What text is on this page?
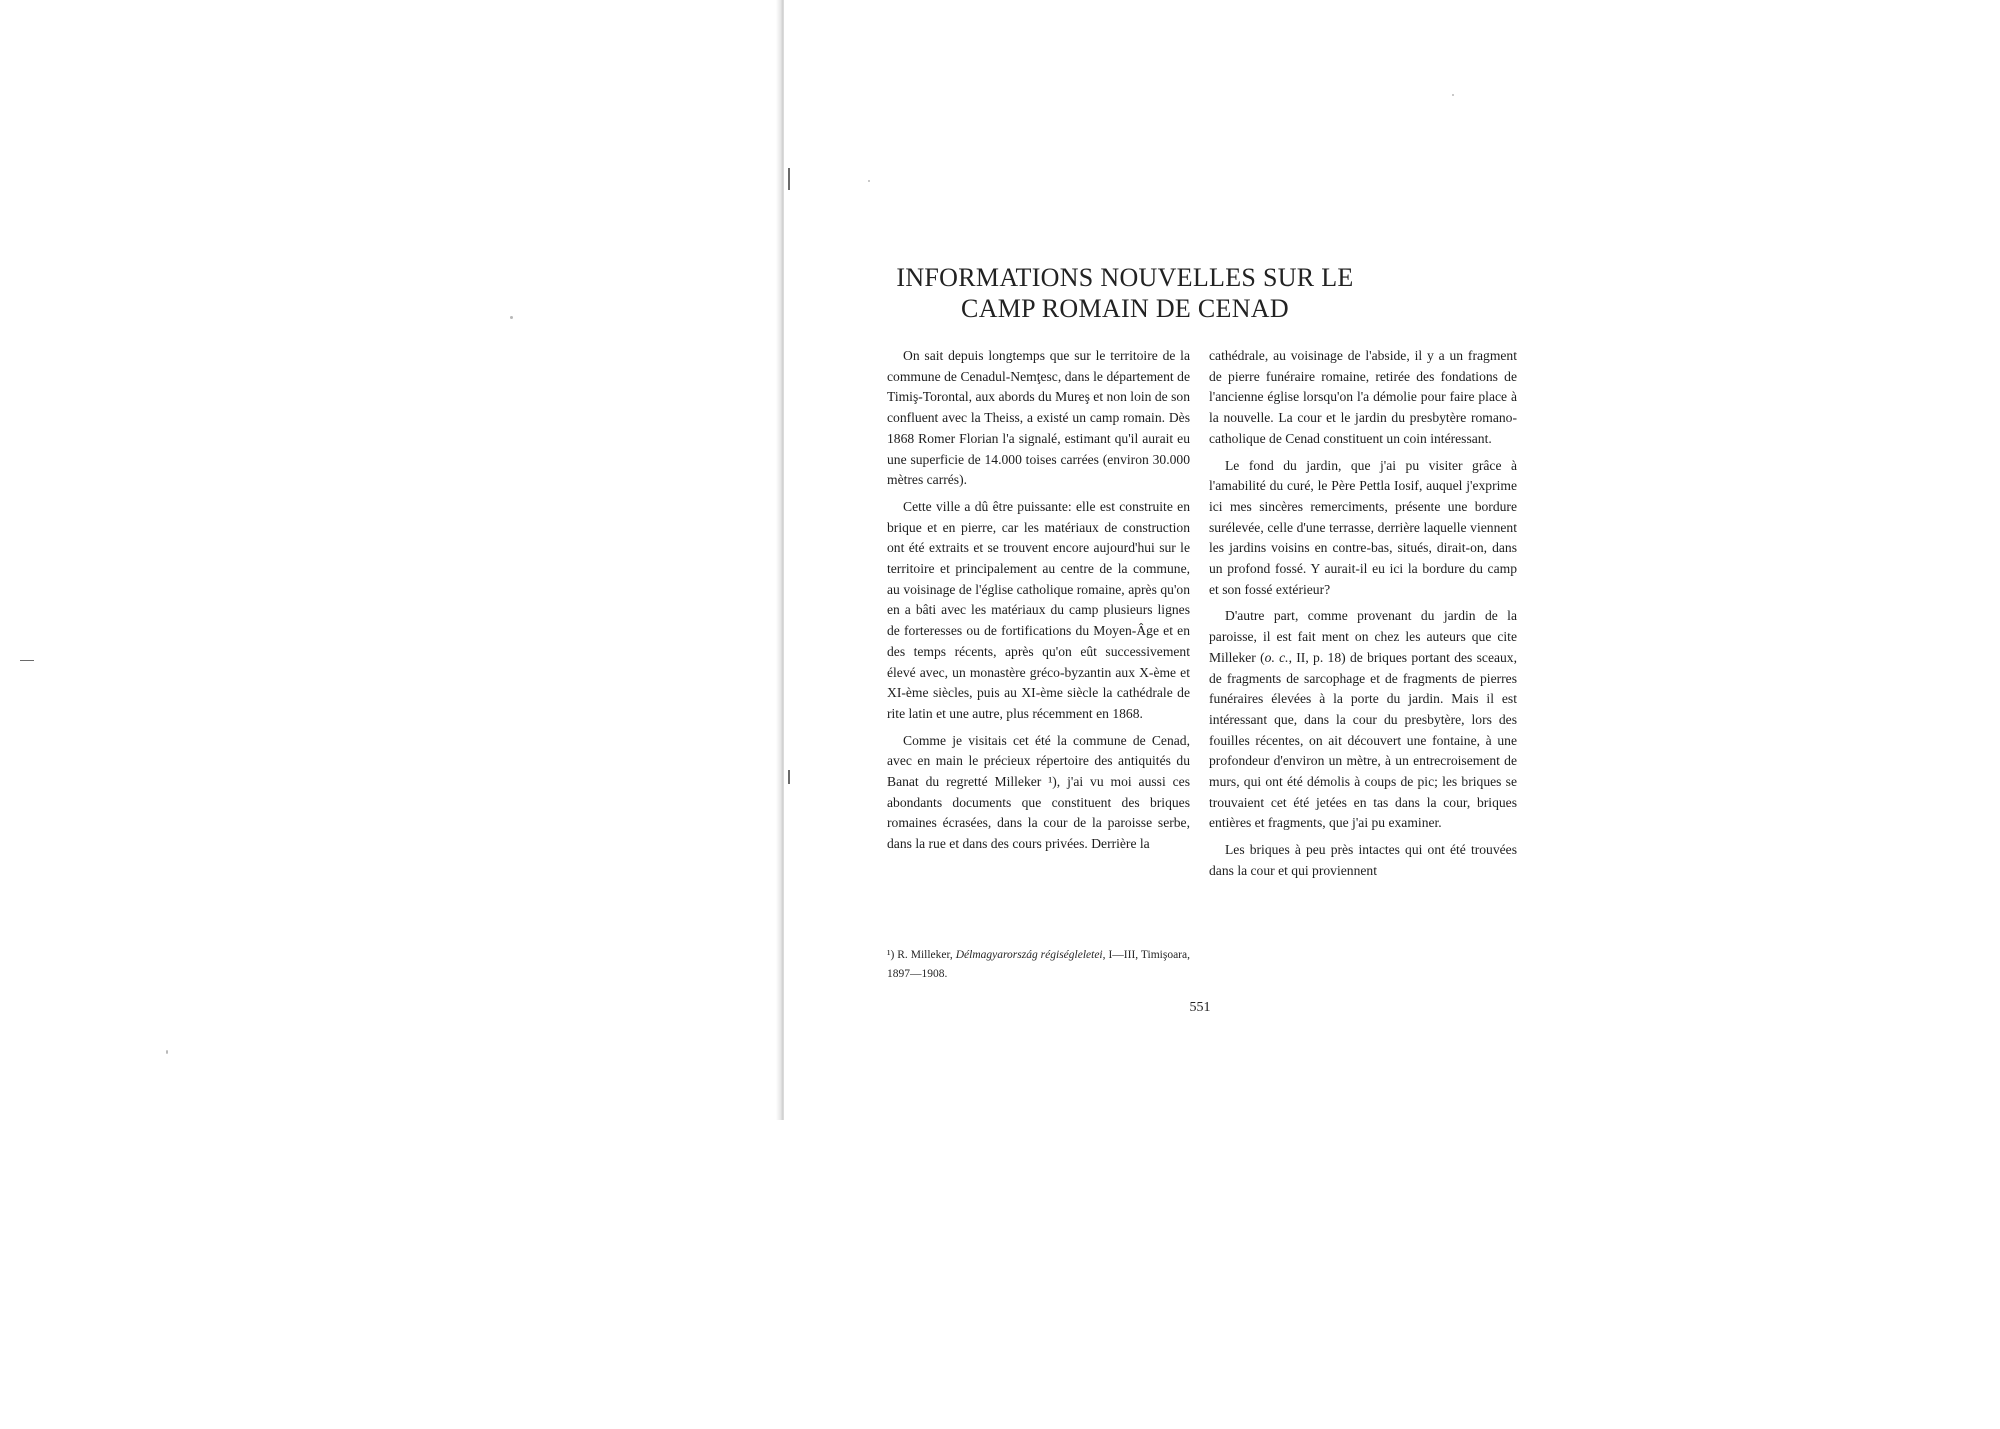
INFORMATIONS NOUVELLES SUR LE CAMP ROMAIN DE CENAD

On sait depuis longtemps que sur le territoire de la commune de Cenadul-Nemţesc, dans le département de Timiş-Torontal, aux abords du Mureş et non loin de son confluent avec la Theiss, a existé un camp romain. Dès 1868 Romer Florian l'a signalé, estimant qu'il aurait eu une superficie de 14.000 toises carrées (environ 30.000 mètres carrés).

Cette ville a dû être puissante: elle est construite en brique et en pierre, car les matériaux de construction ont été extraits et se trouvent encore aujourd'hui sur le territoire et principalement au centre de la commune, au voisinage de l'église catholique romaine, après qu'on en a bâti avec les matériaux du camp plusieurs lignes de forteresses ou de fortifications du Moyen-Âge et en des temps récents, après qu'on eût successivement élevé avec, un monastère gréco-byzantin aux X-ème et XI-ème siècles, puis au XI-ème siècle la cathédrale de rite latin et une autre, plus récemment en 1868.

Comme je visitais cet été la commune de Cenad, avec en main le précieux répertoire des antiquités du Banat du regretté Milleker ¹), j'ai vu moi aussi ces abondants documents que constituent des briques romaines écrasées, dans la cour de la paroisse serbe, dans la rue et dans des cours privées. Derrière la

cathédrale, au voisinage de l'abside, il y a un fragment de pierre funéraire romaine, retirée des fondations de l'ancienne église lorsqu'on l'a démolie pour faire place à la nouvelle. La cour et le jardin du presbytère romano-catholique de Cenad constituent un coin intéressant.

Le fond du jardin, que j'ai pu visiter grâce à l'amabilité du curé, le Père Pettla Iosif, auquel j'exprime ici mes sincères remerciments, présente une bordure surélevée, celle d'une terrasse, derrière laquelle viennent les jardins voisins en contre-bas, situés, dirait-on, dans un profond fossé. Y aurait-il eu ici la bordure du camp et son fossé extérieur?

D'autre part, comme provenant du jardin de la paroisse, il est fait ment on chez les auteurs que cite Milleker (o. c., II, p. 18) de briques portant des sceaux, de fragments de sarcophage et de fragments de pierres funéraires élevées à la porte du jardin. Mais il est intéressant que, dans la cour du presbytère, lors des fouilles récentes, on ait découvert une fontaine, à une profondeur d'environ un mètre, à un entrecroisement de murs, qui ont été démolis à coups de pic; les briques se trouvaient cet été jetées en tas dans la cour, briques entières et fragments, que j'ai pu examiner.

Les briques à peu près intactes qui ont été trouvées dans la cour et qui proviennent

¹) R. Milleker, Délmagyarország régiségleletei, I—III, Timişoara, 1897—1908.
551
